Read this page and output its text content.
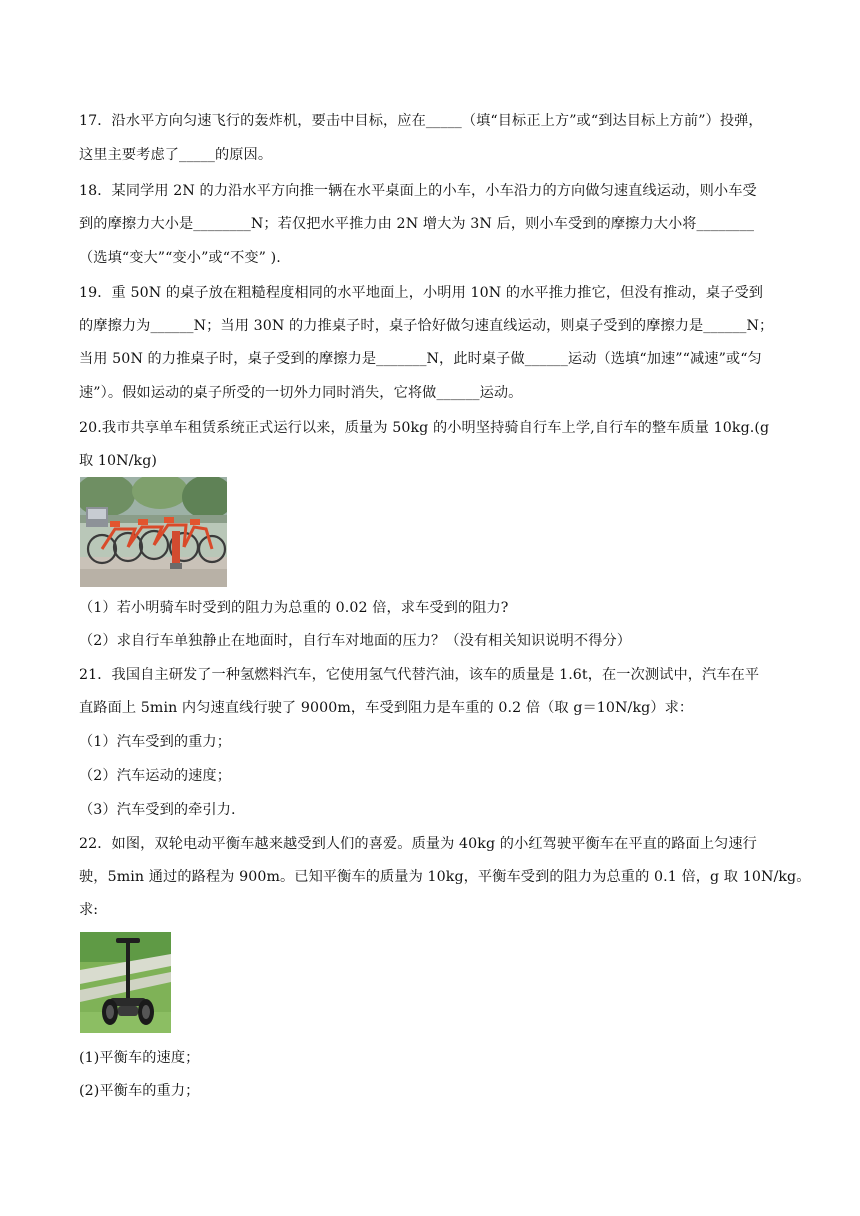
17．沿水平方向匀速飞行的轰炸机，要击中目标，应在_____（填“目标正上方”或“到达目标上方前”）投弹，
这里主要考虑了_____的原因。
18．某同学用 2N 的力沿水平方向推一辆在水平桌面上的小车，小车沿力的方向做匀速直线运动，则小车受
到的摩擦力大小是________N；若仅把水平推力由 2N 增大为 3N 后，则小车受到的摩擦力大小将________
（选填“变大”“变小”或“不变” ).
19．重 50N 的桌子放在粗糙程度相同的水平地面上，小明用 10N 的水平推力推它，但没有推动，桌子受到
的摩擦力为______N；当用 30N 的力推桌子时，桌子恰好做匀速直线运动，则桌子受到的摩擦力是______N；
当用 50N 的力推桌子时，桌子受到的摩擦力是_______N，此时桌子做______运动（选填“加速”“减速”或“匀
速”）。假如运动的桌子所受的一切外力同时消失，它将做______运动。
20.我市共享单车租赁系统正式运行以来，质量为 50kg 的小明坚持骑自行车上学,自行车的整车质量 10kg.(g
取 10N/kg)
（1）若小明骑车时受到的阻力为总重的 0.02 倍，求车受到的阻力?
（2）求自行车单独静止在地面时，自行车对地面的压力？（没有相关知识说明不得分）
21．我国自主研发了一种氢燃料汽车，它使用氢气代替汽油，该车的质量是 1.6t，在一次测试中，汽车在平
直路面上 5min 内匀速直线行驶了 9000m，车受到阻力是车重的 0.2 倍（取 g＝10N/kg）求：
（1）汽车受到的重力；
（2）汽车运动的速度；
（3）汽车受到的牵引力.
22．如图，双轮电动平衡车越来越受到人们的喜爱。质量为 40kg 的小红驾驶平衡车在平直的路面上匀速行
驶，5min 通过的路程为 900m。已知平衡车的质量为 10kg，平衡车受到的阻力为总重的 0.1 倍，g 取 10N/kg。
求:
(1)平衡车的速度；
(2)平衡车的重力；
